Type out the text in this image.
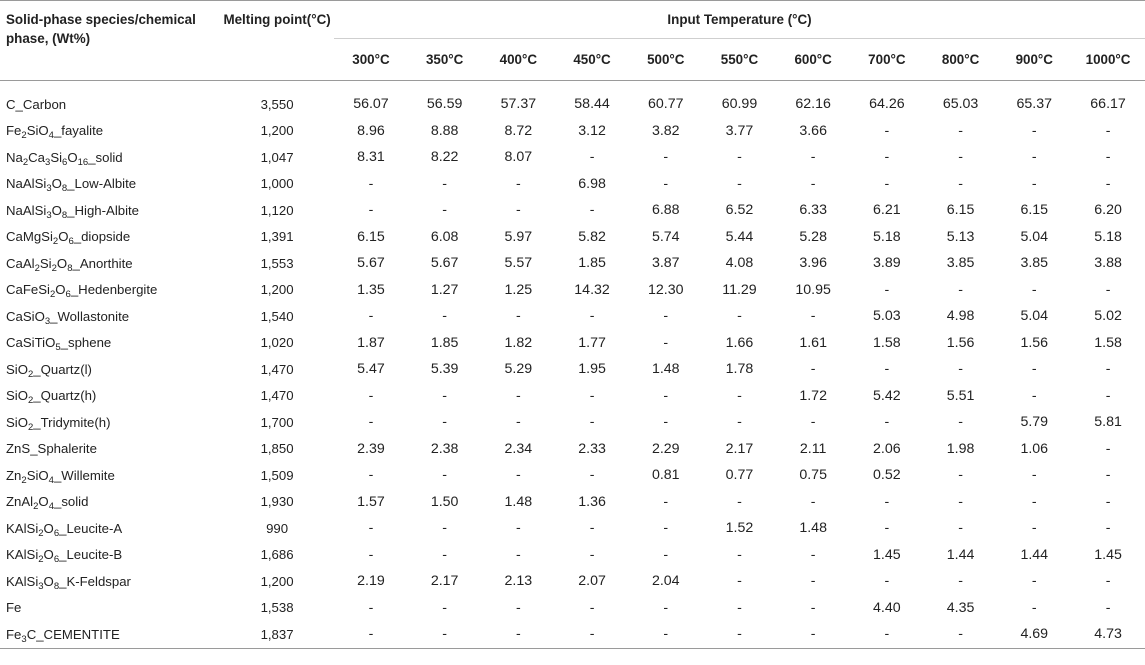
Solid-phase species/chemical phase, (Wt%)	Melting point(°C)	Input Temperature (°C)										
		300°C	350°C	400°C	450°C	500°C	550°C	600°C	700°C	800°C	900°C	1000°C
C_Carbon	3,550	56.07	56.59	57.37	58.44	60.77	60.99	62.16	64.26	65.03	65.37	66.17
$Fe_2SiO_4\_fayalite$	1,200	8.96	8.88	8.72	3.12	3.82	3.77	3.66	-	-	-	-
$Na_2Ca_3Si_6O_{16}\_solid$	1,047	8.31	8.22	8.07	-	-	-	-	-	-	-	-
$NaAlSi_3O_8\_Low$-Albite	1,000	-	-	-	6.98	-	-	-	-	-	-	-
$NaAlSi_3O_8\_High$-Albite	1,120	-	-	-	-	6.88	6.52	6.33	6.21	6.15	6.15	6.20
$CaMgSi_2O_6\_diopside$	1,391	6.15	6.08	5.97	5.82	5.74	5.44	5.28	5.18	5.13	5.04	5.18
$CaAl_2Si_2O_8\_Anorthite$	1,553	5.67	5.67	5.57	1.85	3.87	4.08	3.96	3.89	3.85	3.85	3.88
$CaFeSi_2O_6\_Hedenbergite$	1,200	1.35	1.27	1.25	14.32	12.30	11.29	10.95	-	-	-	-
CaSiO$_3$_Wollastonite	1,540	-	-	-	-	-	-	-	5.03	4.98	5.04	5.02
CaSiTiO$_5$_sphene	1,020	1.87	1.85	1.82	1.77	-	1.66	1.61	1.58	1.56	1.56	1.58
SiO$_2$_Quartz(l)	1,470	5.47	5.39	5.29	1.95	1.48	1.78	-	-	-	-	-
SiO$_2$_Quartz(h)	1,470	-	-	-	-	-	-	1.72	5.42	5.51	-	-
SiO$_2$_Tridymite(h)	1,700	-	-	-	-	-	-	-	-	-	5.79	5.81
ZnS_Sphalerite	1,850	2.39	2.38	2.34	2.33	2.29	2.17	2.11	2.06	1.98	1.06	-
$Zn_2SiO_4\_Willemite$	1,509	-	-	-	-	0.81	0.77	0.75	0.52	-	-	-
$ZnAl_2O_4\_solid$	1,930	1.57	1.50	1.48	1.36	-	-	-	-	-	-	-
$KAlSi_2O_6\_Leucite-A$	990	-	-	-	-	-	1.52	1.48	-	-	-	-
$KAlSi_2O_6\_Leucite-B$	1,686	-	-	-	-	-	-	-	1.45	1.44	1.44	1.45
$KAlSi_3O_8\_K$-Feldspar	1,200	2.19	2.17	2.13	2.07	2.04	-	-	-	-	-	-
Fe	1,538	-	-	-	-	-	-	-	4.40	4.35	-	-
$Fe_3C\_CEMENTITE$	1,837	-	-	-	-	-	-	-	-	-	4.69	4.73
